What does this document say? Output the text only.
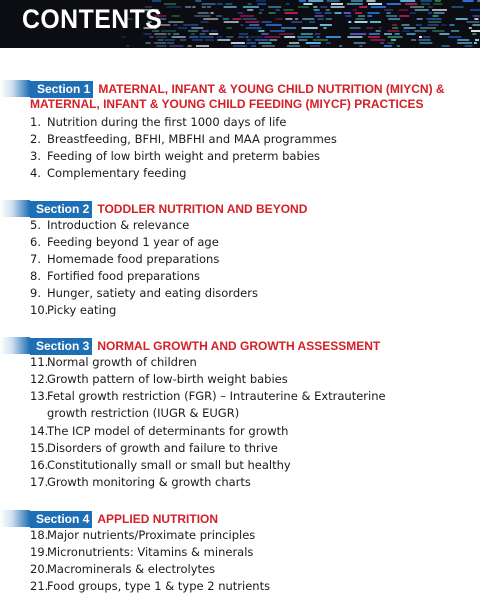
CONTENTS
Section 1 MATERNAL, INFANT & YOUNG CHILD NUTRITION (MIYCN) &
MATERNAL, INFANT & YOUNG CHILD FEEDING (MIYCF) PRACTICES
1. Nutrition during the first 1000 days of life
2. Breastfeeding, BFHI, MBFHI and MAA programmes
3. Feeding of low birth weight and preterm babies
4. Complementary feeding
Section 2 TODDLER NUTRITION AND BEYOND
5. Introduction & relevance
6. Feeding beyond 1 year of age
7. Homemade food preparations
8. Fortified food preparations
9. Hunger, satiety and eating disorders
10.Picky eating
Section 3 NORMAL GROWTH AND GROWTH ASSESSMENT
11.Normal growth of children
12.Growth pattern of low-birth weight babies
13.Fetal growth restriction (FGR) – Intrauterine & Extrauterine
growth restriction (IUGR & EUGR)
14.The ICP model of determinants for growth
15.Disorders of growth and failure to thrive
16.Constitutionally small or small but healthy
17.Growth monitoring & growth charts
Section 4 APPLIED NUTRITION
18.Major nutrients/Proximate principles
19.Micronutrients: Vitamins & minerals
20.Macrominerals & electrolytes
21.Food groups, type 1 & type 2 nutrients
